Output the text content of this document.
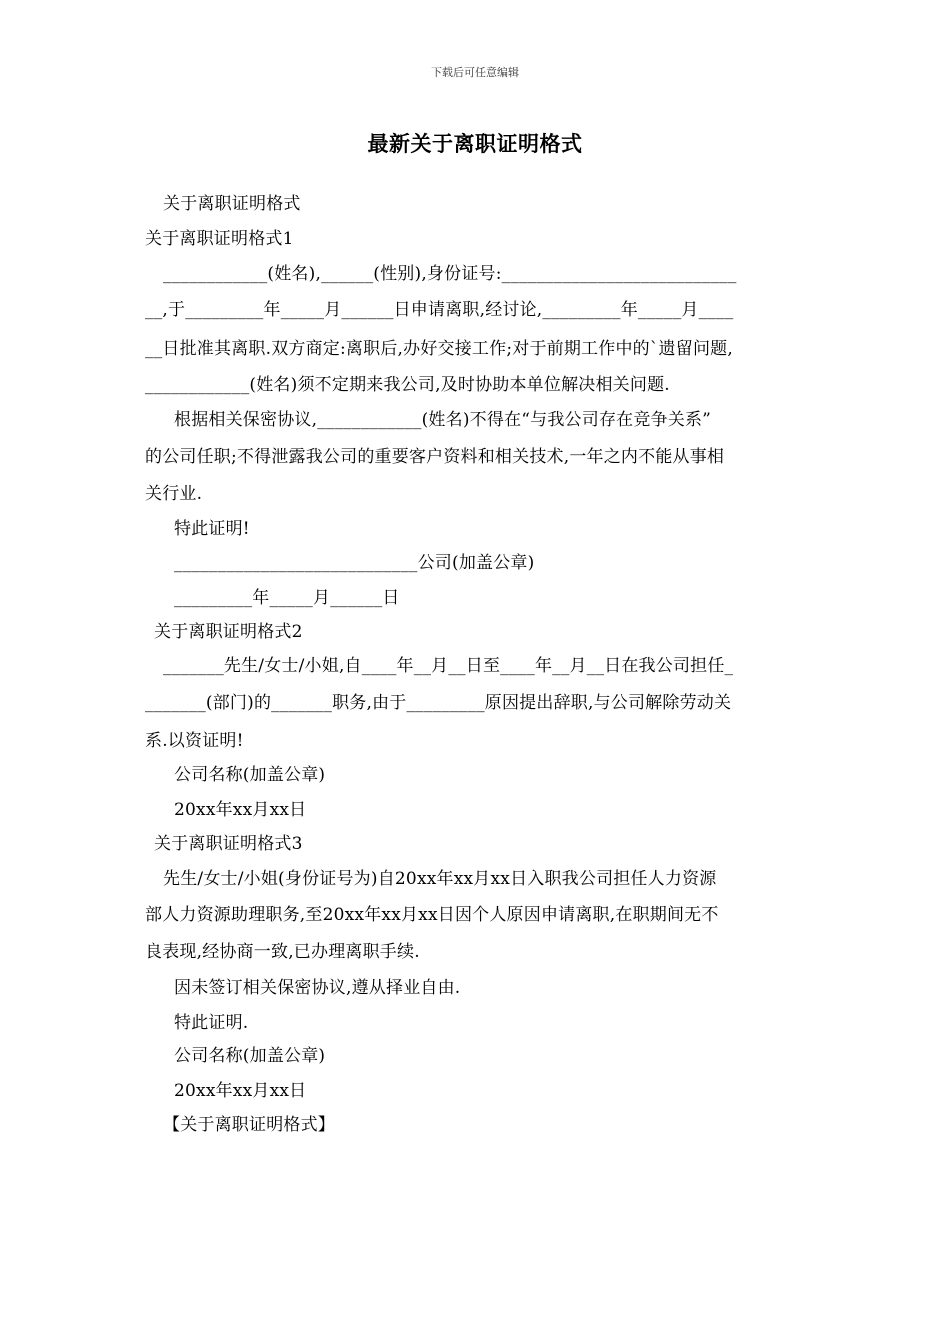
下载后可任意编辑
最新关于离职证明格式
关于离职证明格式
关于离职证明格式1
____________(姓名),______(性别),身份证号:___________________________
__,于_________年_____月______日申请离职,经讨论,_________年_____月____
__日批准其离职.双方商定:离职后,办好交接工作;对于前期工作中的`遗留问题,
____________(姓名)须不定期来我公司,及时协助本单位解决相关问题.
根据相关保密协议,____________(姓名)不得在“与我公司存在竞争关系”
的公司任职;不得泄露我公司的重要客户资料和相关技术,一年之内不能从事相
关行业.
特此证明!
____________________________公司(加盖公章)
_________年_____月______日
关于离职证明格式2
_______先生/女士/小姐,自____年__月__日至____年__月__日在我公司担任_
_______(部门)的_______职务,由于_________原因提出辞职,与公司解除劳动关
系.以资证明!
公司名称(加盖公章)
20xx年xx月xx日
关于离职证明格式3
先生/女士/小姐(身份证号为)自20xx年xx月xx日入职我公司担任人力资源
部人力资源助理职务,至20xx年xx月xx日因个人原因申请离职,在职期间无不
良表现,经协商一致,已办理离职手续.
因未签订相关保密协议,遵从择业自由.
特此证明.
公司名称(加盖公章)
20xx年xx月xx日
【关于离职证明格式】
